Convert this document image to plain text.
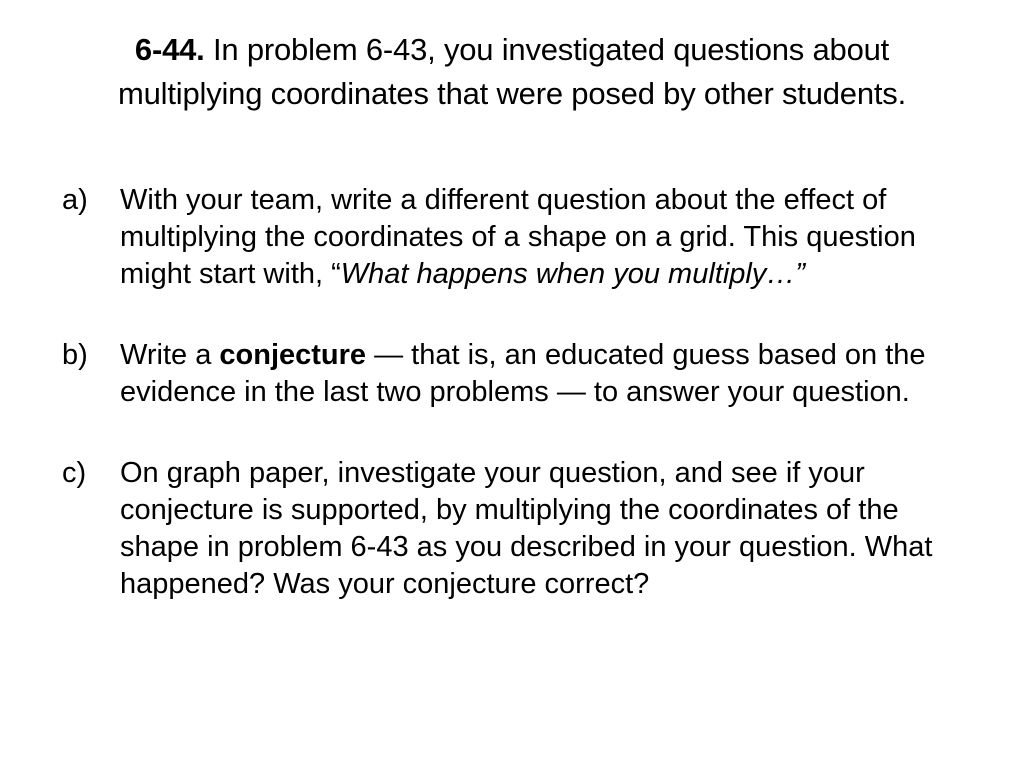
6-44. In problem 6-43, you investigated questions about multiplying coordinates that were posed by other students.
a)	With your team, write a different question about the effect of multiplying the coordinates of a shape on a grid. This question might start with, “What happens when you multiply…”
b)	Write a conjecture — that is, an educated guess based on the evidence in the last two problems — to answer your question.
c)	On graph paper, investigate your question, and see if your conjecture is supported, by multiplying the coordinates of the shape in problem 6-43 as you described in your question. What happened? Was your conjecture correct?
